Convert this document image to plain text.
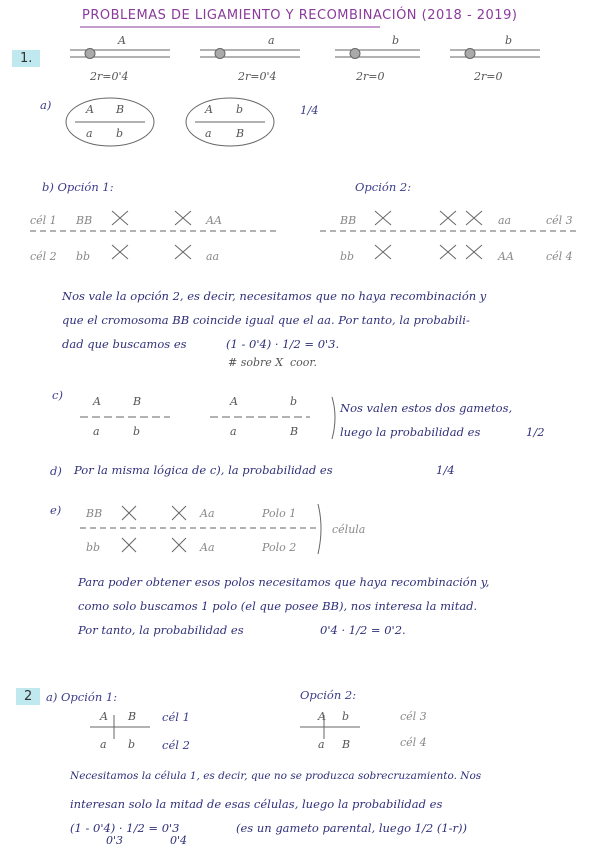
PROBLEMAS DE LIGAMIENTO Y RECOMBINACIÓN (2018 - 2019)
1.
A
2r=0'4
a
2r=0'4
b
2r=0
b
2r=0
a)	A B
a b
A b
a B
1/4
b) Opción 1:	Opción 2:
cél 1 BB	AA
cél 2 bb	aa
BB	aa	cél 3
bb	AA	cél 4
Nos vale la opción 2, es decir, necesitamos que no haya recombinación y
que el cromosoma BB coincide igual que el aa. Por tanto, la probabili-
dad que buscamos es	(1 - 0'4) · 1/2 = 0'3.
# sobre X coor.
c)	A	B
a	b
A	b
a	B
Nos valen estos dos gametos,
luego la probabilidad es	1/2
d) Por la misma lógica de c), la probabilidad es	1/4
e) BB	Aa	Polo 1
bb	Aa	Polo 2
célula
Para poder obtener esos polos necesitamos que haya recombinación y,
como solo buscamos 1 polo (el que posee BB), nos interesa la mitad.
Por tanto, la probabilidad es	0'4 · 1/2 = 0'2.
2	a) Opción 1:	Opción 2:
A B
a b
cél 1
cél 2
A b
a B
cél 3
cél 4
Necesitamos la célula 1, es decir, que no se produzca sobrecruzamiento. Nos
interesan solo la mitad de esas células, luego la probabilidad es
(1 - 0'4) · 1/2 = 0'3	(es un gameto parental, luego 1/2 (1-r))
0'3	0'4
